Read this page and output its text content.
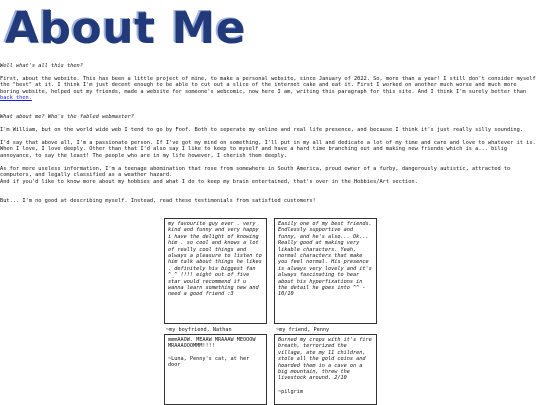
About Me

Well what's all this then?

First, about the website. This has been a little project of mine, to make a personal website, since January of 2022. So, more than a year! I still don't consider myself the "best" at it. I think I'm just decent enough to be able to cut out a slice of the internet cake and eat it. First I worked on another much worse and much more boring website, helped out my friends, made a website for someone's webcomic, now here I am, writing this paragraph for this site. And I think I'm surely better than back then.

What about me? Who's the fabled webmaster?

I'm William, but on the world wide web I tend to go by Foof. Both to seperate my online and real life presence, and because I think it's just really silly sounding.

I'd say that above all, I'm a passionate person. If I've got my mind on something, I'll put in my all and dedicate a lot of my time and care and love to whatever it is. When I love, I love deeply. Other than that I'd also say I like to keep to myself and have a hard time branching out and making new friends which is a... bilig annoyance, to say the least! The people who are in my life however, I cherish them deeply.

As for more useless information, I'm a teenage abomination that rose from somewhere in South America, proud owner of a furby, dangerously autistic, attracted to computers, and legally classified as a weather hazard.

And if you'd like to know more about my hobbies and what I do to keep my brain entertained, that's over in the Hobbies/Art section.

But... I'm no good at describing myself. Instead, read these testimonials from satisfied customers!

my favourite guy ever . very kind and funny and very happy i have the delight of knowing him . so cool and knows a lot of really cool things and always a pleasure to listen to him talk about things he likes . definitely his biggest fan ^_^ !!!! eight out of five star would recommend if u wanna learn something new and need a good friend :3
~my boyfriend, Nathan
Easily one of my best friends. Endlessly supportive and funny, and he's also... Ok... Really good at making very likable characters. Yeah, normal characters that make you feel normal. His presence is always very lovely and it's always fascinating to hear about his hyperfixations in the detail he goes into ^^ - 10/10
~my friend, Penny
mmmAAOW. MEAAW MRAAAW MEOOOW MRAAAOOOMMM!!!!
~Luna, Penny's cat, at her door
Burned my crops with it's fire breath, terrorized the village, ate my 11 children, stole all the gold coins and hoarded them in a cave on a big mountain, threw the livestock around. 2/10
~pilgrim
